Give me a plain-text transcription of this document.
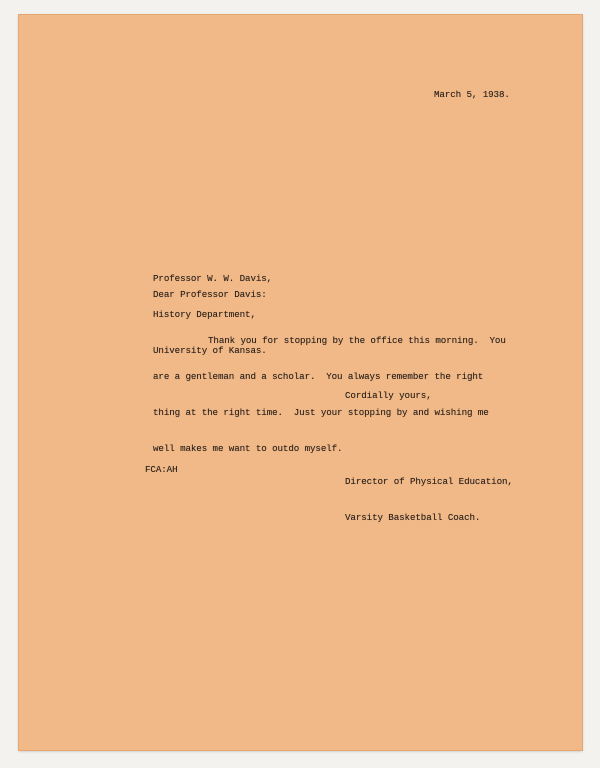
March 5, 1938.

Professor W. W. Davis,

History Department,

University of Kansas.

Dear Professor Davis:

Thank you for stopping by the office this morning.  You

are a gentleman and a scholar.  You always remember the right

thing at the right time.  Just your stopping by and wishing me

well makes me want to outdo myself.

Cordially yours,

Director of Physical Education,

Varsity Basketball Coach.

FCA:AH
